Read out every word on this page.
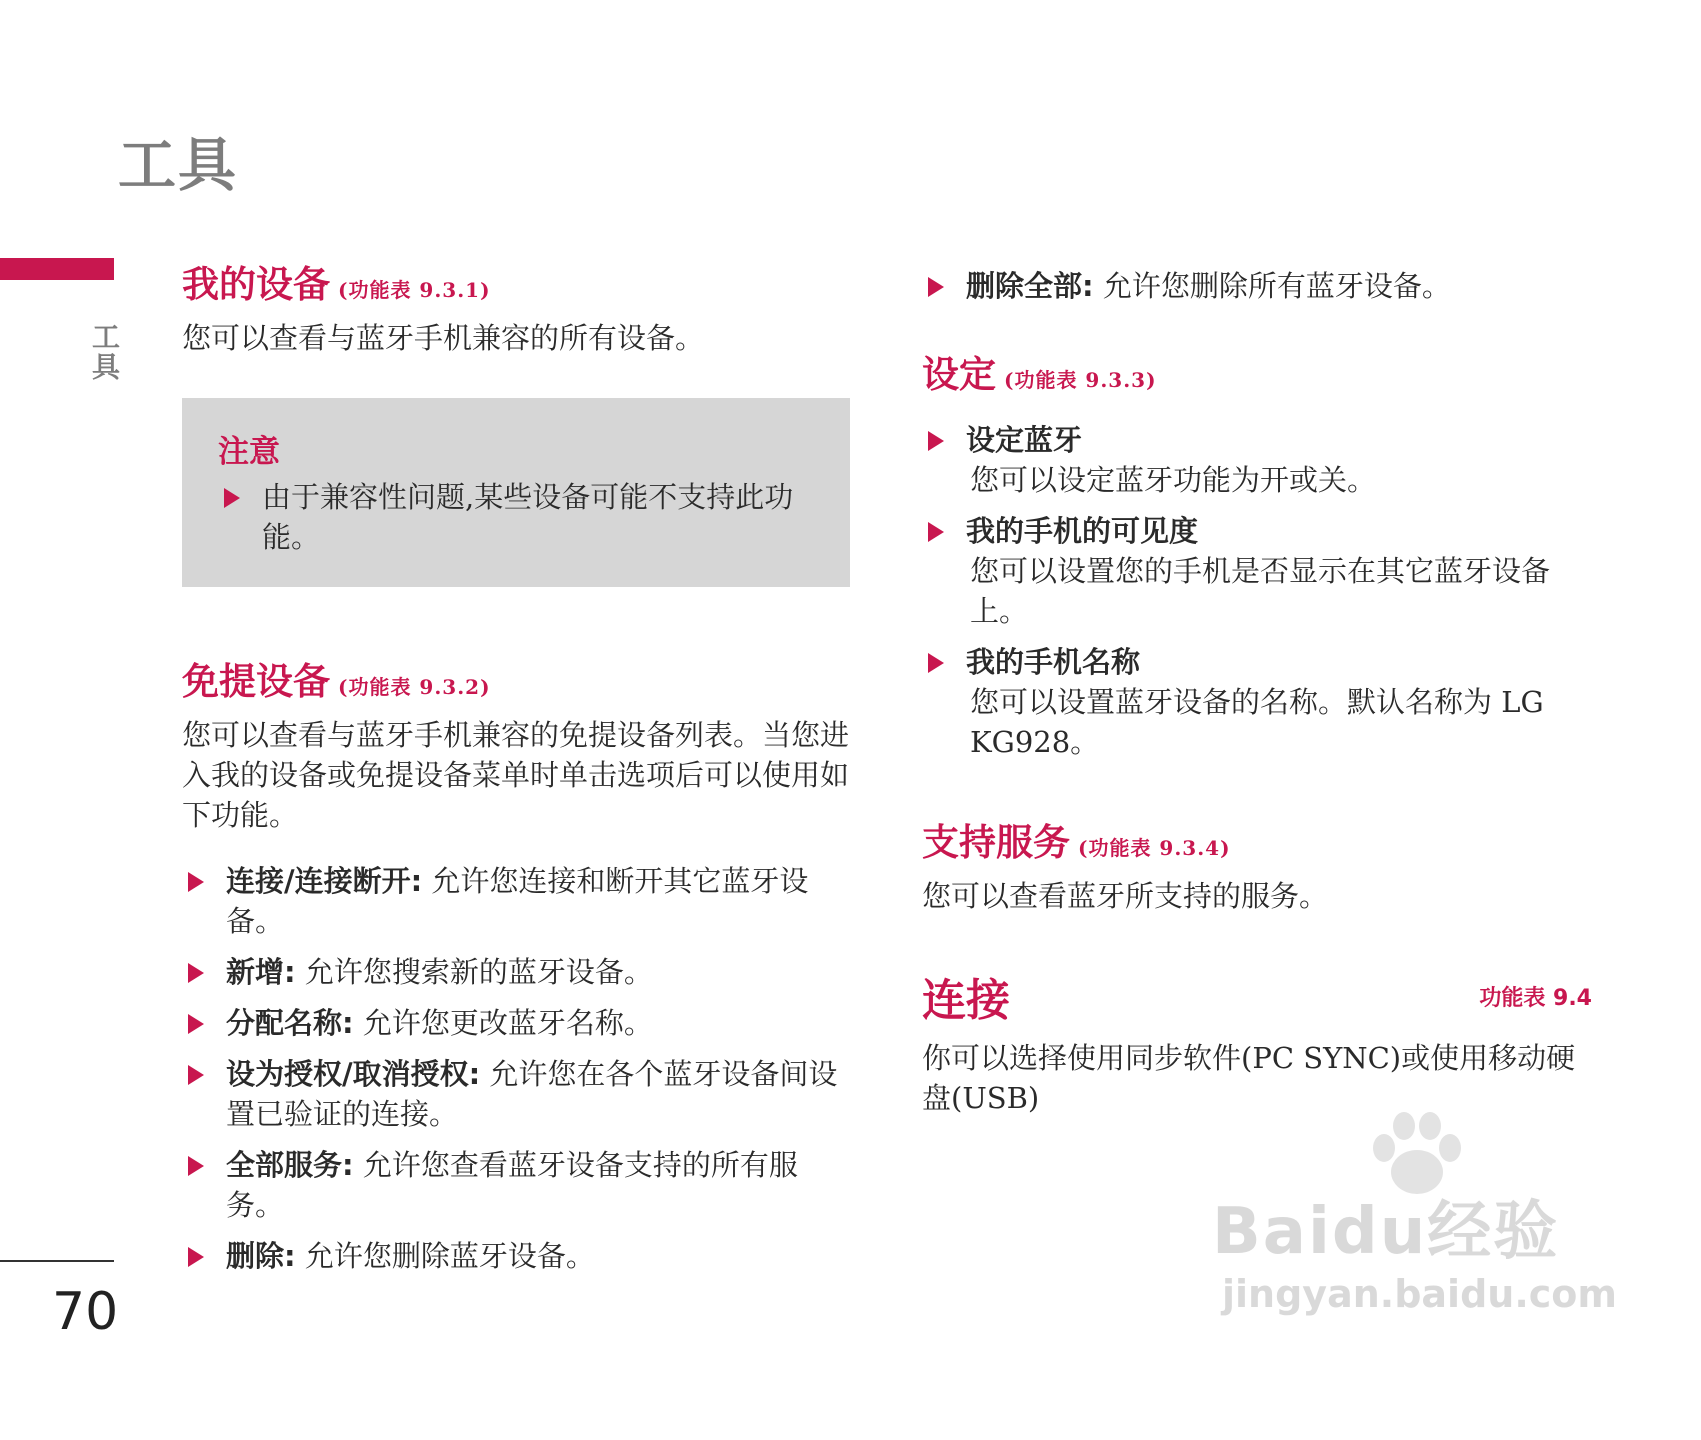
工具
工具
70
我的设备 (功能表 9.3.1)

您可以查看与蓝牙手机兼容的所有设备。

注意
由于兼容性问题,某些设备可能不支持此功能。
免提设备 (功能表 9.3.2)

您可以查看与蓝牙手机兼容的免提设备列表。当您进入我的设备或免提设备菜单时单击选项后可以使用如下功能。

连接/连接断开: 允许您连接和断开其它蓝牙设备。
新增: 允许您搜索新的蓝牙设备。
分配名称: 允许您更改蓝牙名称。
设为授权/取消授权: 允许您在各个蓝牙设备间设置已验证的连接。
全部服务: 允许您查看蓝牙设备支持的所有服务。
删除: 允许您删除蓝牙设备。
删除全部: 允许您删除所有蓝牙设备。
设定 (功能表 9.3.3)
设定蓝牙
您可以设定蓝牙功能为开或关。
我的手机的可见度
您可以设置您的手机是否显示在其它蓝牙设备上。
我的手机名称
您可以设置蓝牙设备的名称。默认名称为 LG KG928。
支持服务 (功能表 9.3.4)

您可以查看蓝牙所支持的服务。

连接	功能表 9.4

你可以选择使用同步软件(PC SYNC)或使用移动硬盘(USB)

Baidu经验
jingyan.baidu.com
